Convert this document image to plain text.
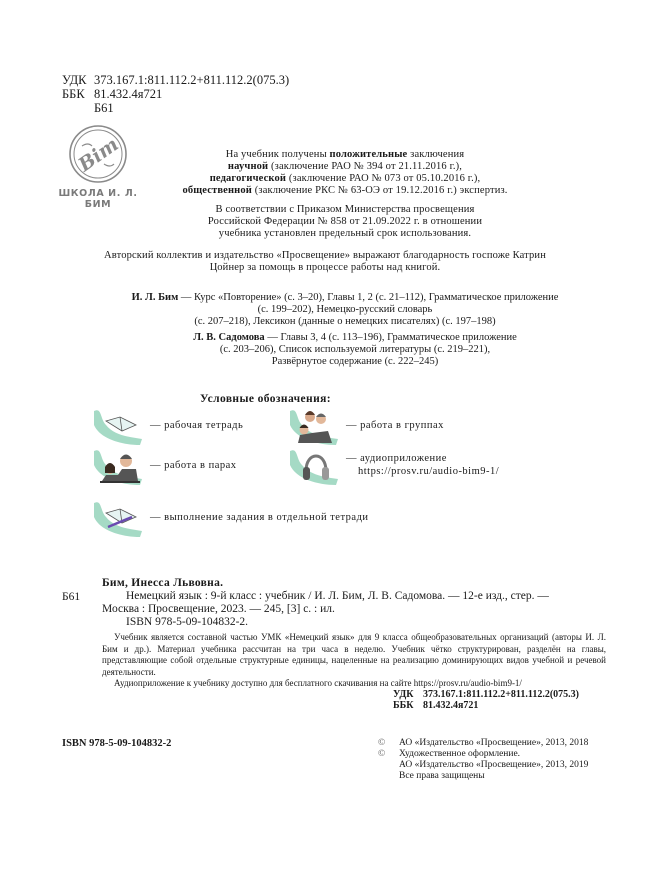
УДК 373.167.1:811.112.2+811.112.2(075.3)
ББК 81.432.4я721
Б61
Bim
ШКОЛА И. Л. БИМ
На учебник получены положительные заключения
научной (заключение РАО № 394 от 21.11.2016 г.),
педагогической (заключение РАО № 073 от 05.10.2016 г.),
общественной (заключение РКС № 63-ОЭ от 19.12.2016 г.) экспертиз.
В соответствии с Приказом Министерства просвещения
Российской Федерации № 858 от 21.09.2022 г. в отношении
учебника установлен предельный срок использования.
Авторский коллектив и издательство «Просвещение» выражают благодарность госпоже Катрин
Цойнер за помощь в процессе работы над книгой.
И. Л. Бим — Курс «Повторение» (с. 3–20), Главы 1, 2 (с. 21–112), Грамматическое приложение
(с. 199–202), Немецко-русский словарь
(с. 207–218), Лексикон (данные о немецких писателях) (с. 197–198)
Л. В. Садомова — Главы 3, 4 (с. 113–196), Грамматическое приложение
(с. 203–206), Список используемой литературы (с. 219–221),
Развёрнутое содержание (с. 222–245)
Условные обозначения:
— рабочая тетрадь	— работа в группах
— работа в парах
— аудиоприложение
https://prosv.ru/audio-bim9-1/
— выполнение задания в отдельной тетради
Бим, Инесса Львовна.
Б61	Немецкий язык : 9-й класс : учебник / И. Л. Бим, Л. В. Садомова. — 12-е изд., стер. —
Москва : Просвещение, 2023. — 245, [3] с. : ил.
ISBN 978-5-09-104832-2.

Учебник является составной частью УМК «Немецкий язык» для 9 класса общеобразовательных организаций (авторы И. Л. Бим и др.). Материал учебника рассчитан на три часа в неделю. Учебник чётко структурирован, разделён на главы, представляющие собой отдельные структурные единицы, нацеленные на реализацию доминирующих видов учебной и речевой деятельности.

Аудиоприложение к учебнику доступно для бесплатного скачивания на сайте https://prosv.ru/audio-bim9-1/

УДК 373.167.1:811.112.2+811.112.2(075.3)
ББК 81.432.4я721
ISBN 978-5-09-104832-2	©	АО «Издательство «Просвещение», 2013, 2018
©	Художественное оформление.
АО «Издательство «Просвещение», 2013, 2019
Все права защищены
